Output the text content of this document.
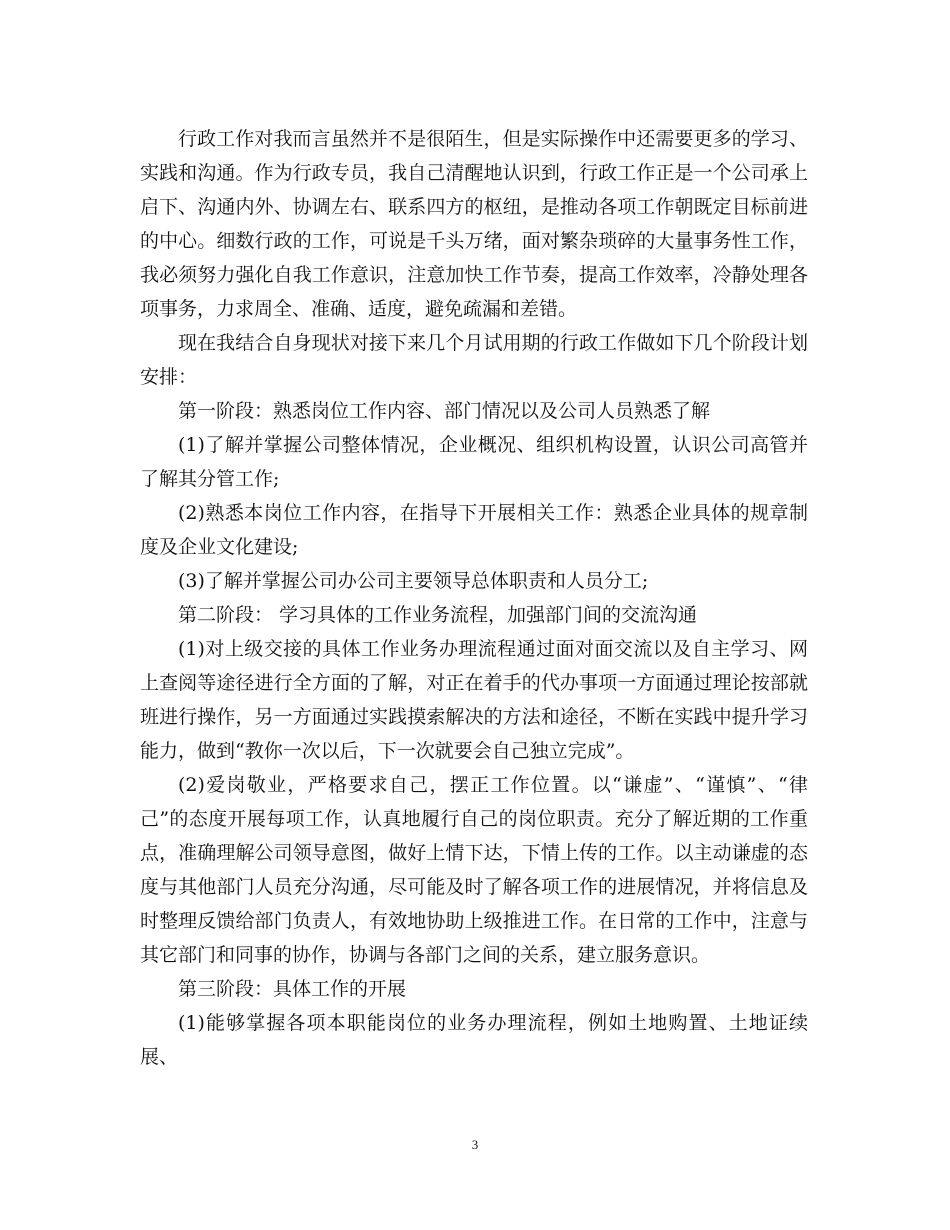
行政工作对我而言虽然并不是很陌生，但是实际操作中还需要更多的学习、实践和沟通。作为行政专员，我自己清醒地认识到，行政工作正是一个公司承上启下、沟通内外、协调左右、联系四方的枢纽，是推动各项工作朝既定目标前进的中心。细数行政的工作，可说是千头万绪，面对繁杂琐碎的大量事务性工作，我必须努力强化自我工作意识，注意加快工作节奏，提高工作效率，冷静处理各项事务，力求周全、准确、适度，避免疏漏和差错。

现在我结合自身现状对接下来几个月试用期的行政工作做如下几个阶段计划安排：

第一阶段：熟悉岗位工作内容、部门情况以及公司人员熟悉了解

(1)了解并掌握公司整体情况，企业概况、组织机构设置，认识公司高管并了解其分管工作;

(2)熟悉本岗位工作内容，在指导下开展相关工作：熟悉企业具体的规章制度及企业文化建设;

(3)了解并掌握公司办公司主要领导总体职责和人员分工;

第二阶段： 学习具体的工作业务流程，加强部门间的交流沟通

(1)对上级交接的具体工作业务办理流程通过面对面交流以及自主学习、网上查阅等途径进行全方面的了解，对正在着手的代办事项一方面通过理论按部就班进行操作，另一方面通过实践摸索解决的方法和途径，不断在实践中提升学习能力，做到“教你一次以后，下一次就要会自己独立完成”。

(2)爱岗敬业，严格要求自己，摆正工作位置。以“谦虚”、“谨慎”、“律己”的态度开展每项工作，认真地履行自己的岗位职责。充分了解近期的工作重点，准确理解公司领导意图，做好上情下达，下情上传的工作。以主动谦虚的态度与其他部门人员充分沟通，尽可能及时了解各项工作的进展情况，并将信息及时整理反馈给部门负责人，有效地协助上级推进工作。在日常的工作中，注意与其它部门和同事的协作，协调与各部门之间的关系，建立服务意识。

第三阶段：具体工作的开展

(1)能够掌握各项本职能岗位的业务办理流程，例如土地购置、土地证续展、

3
